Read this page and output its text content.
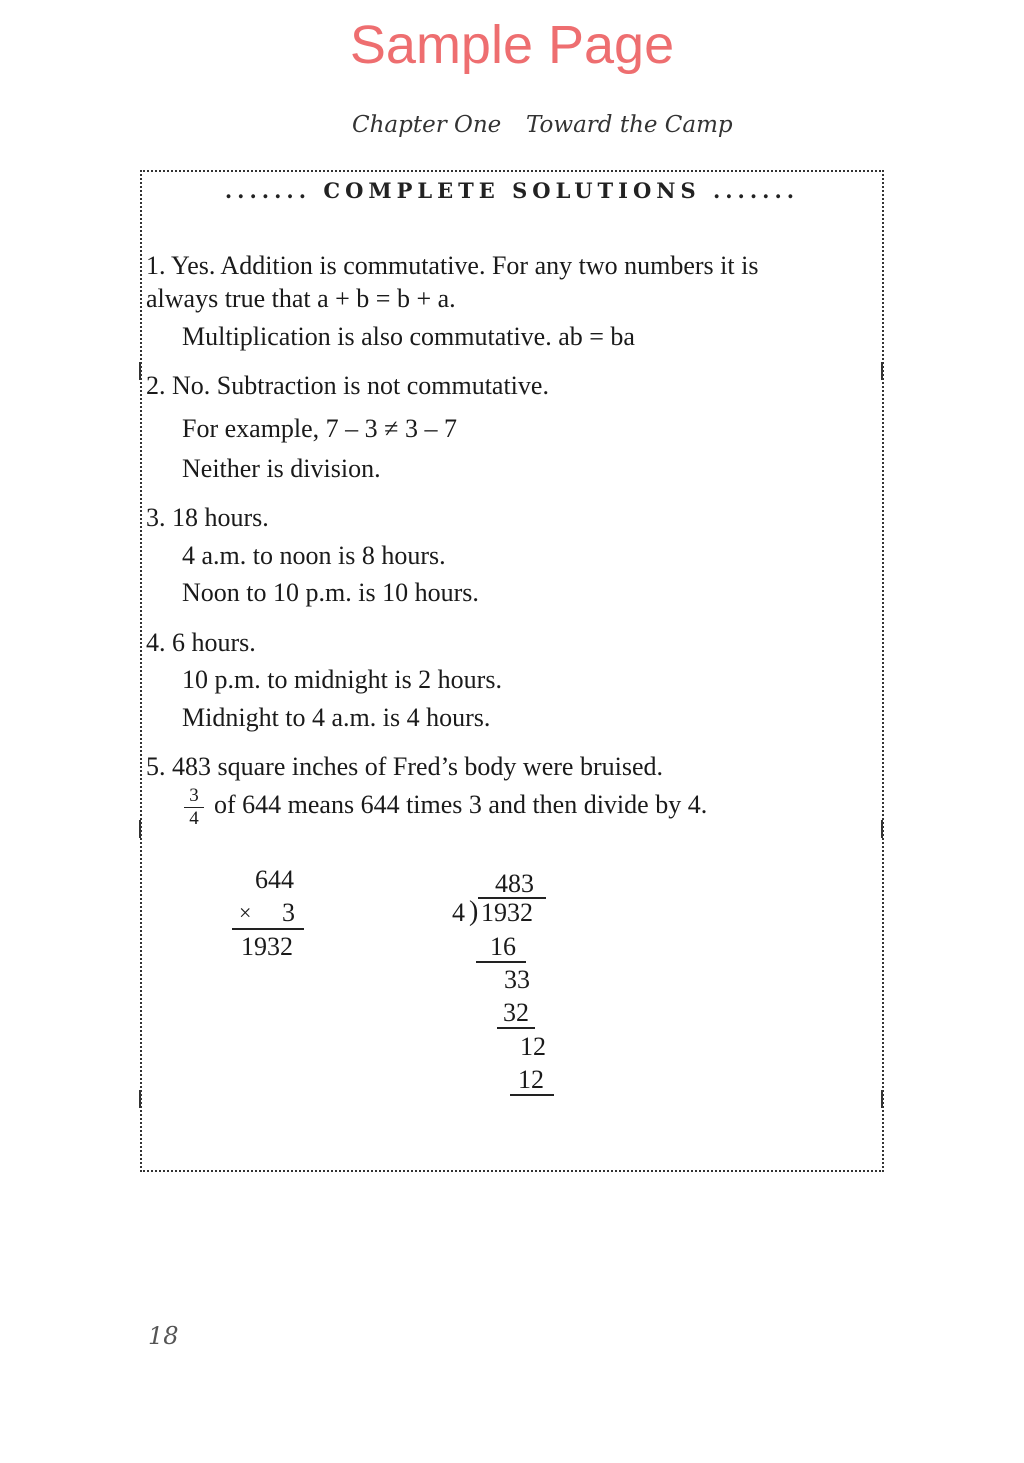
Sample Page
Chapter One Toward the Camp
....... COMPLETE SOLUTIONS .......
1. Yes. Addition is commutative. For any two numbers it is
always true that a + b = b + a.
Multiplication is also commutative. ab = ba
2. No. Subtraction is not commutative.
For example, 7 – 3 ≠ 3 – 7
Neither is division.
3. 18 hours.
4 a.m. to noon is 8 hours.
Noon to 10 p.m. is 10 hours.
4. 6 hours.
10 p.m. to midnight is 2 hours.
Midnight to 4 a.m. is 4 hours.
5. 483 square inches of Fred’s body were bruised.
3
4 of 644 means 644 times 3 and then divide by 4.
644
× 3
1932
483
4 ) 1932
16
33
32
12
12
18
